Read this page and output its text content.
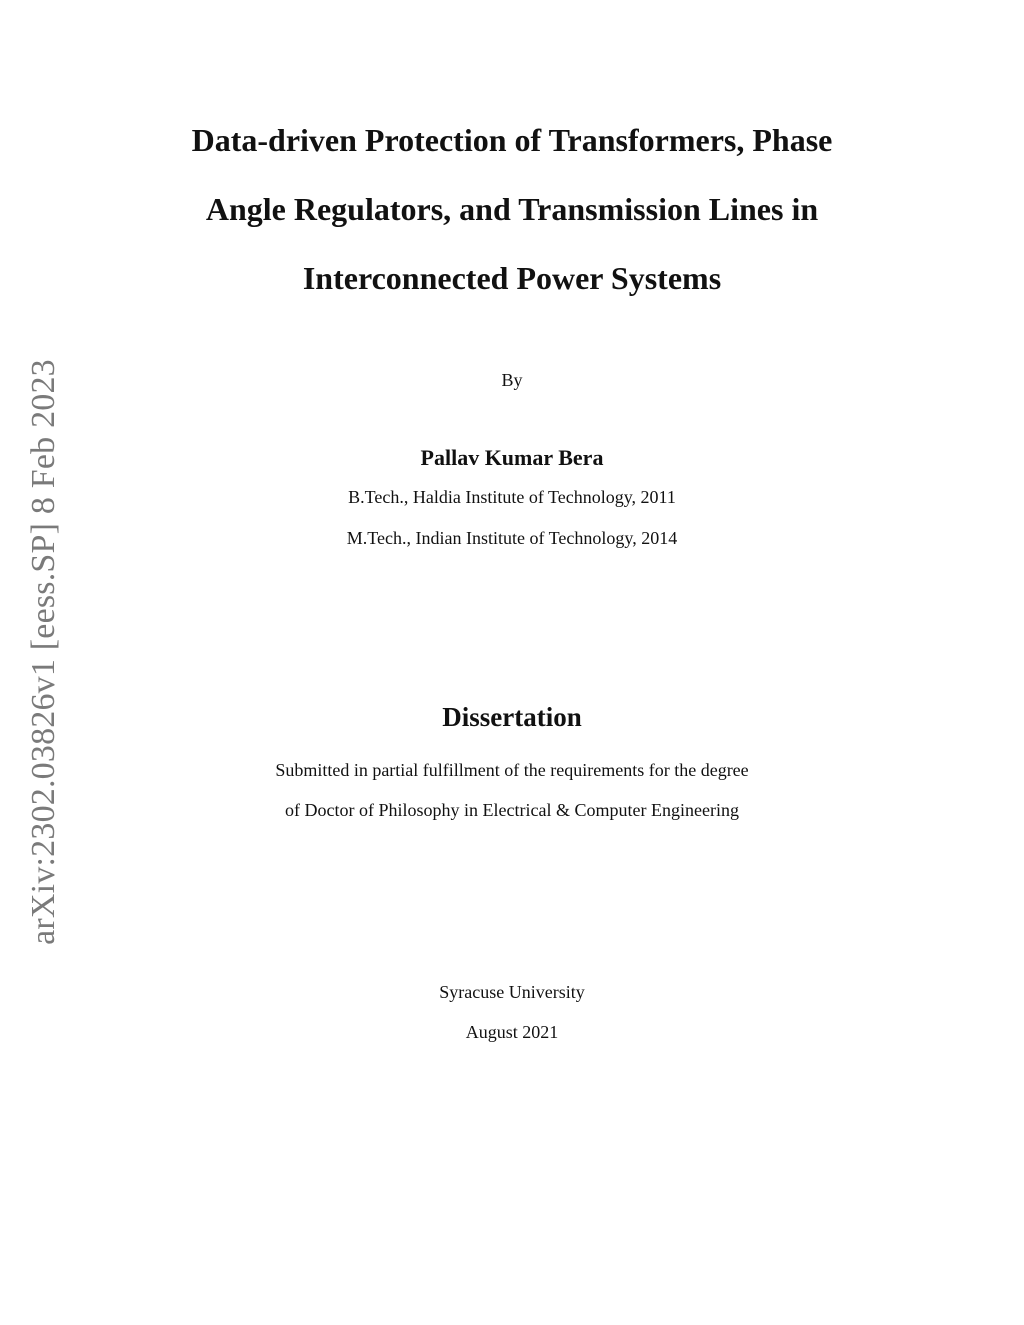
arXiv:2302.03826v1 [eess.SP] 8 Feb 2023
Data-driven Protection of Transformers, Phase
Angle Regulators, and Transmission Lines in
Interconnected Power Systems
By
Pallav Kumar Bera
B.Tech., Haldia Institute of Technology, 2011
M.Tech., Indian Institute of Technology, 2014
Dissertation
Submitted in partial fulfillment of the requirements for the degree
of Doctor of Philosophy in Electrical & Computer Engineering
Syracuse University
August 2021
